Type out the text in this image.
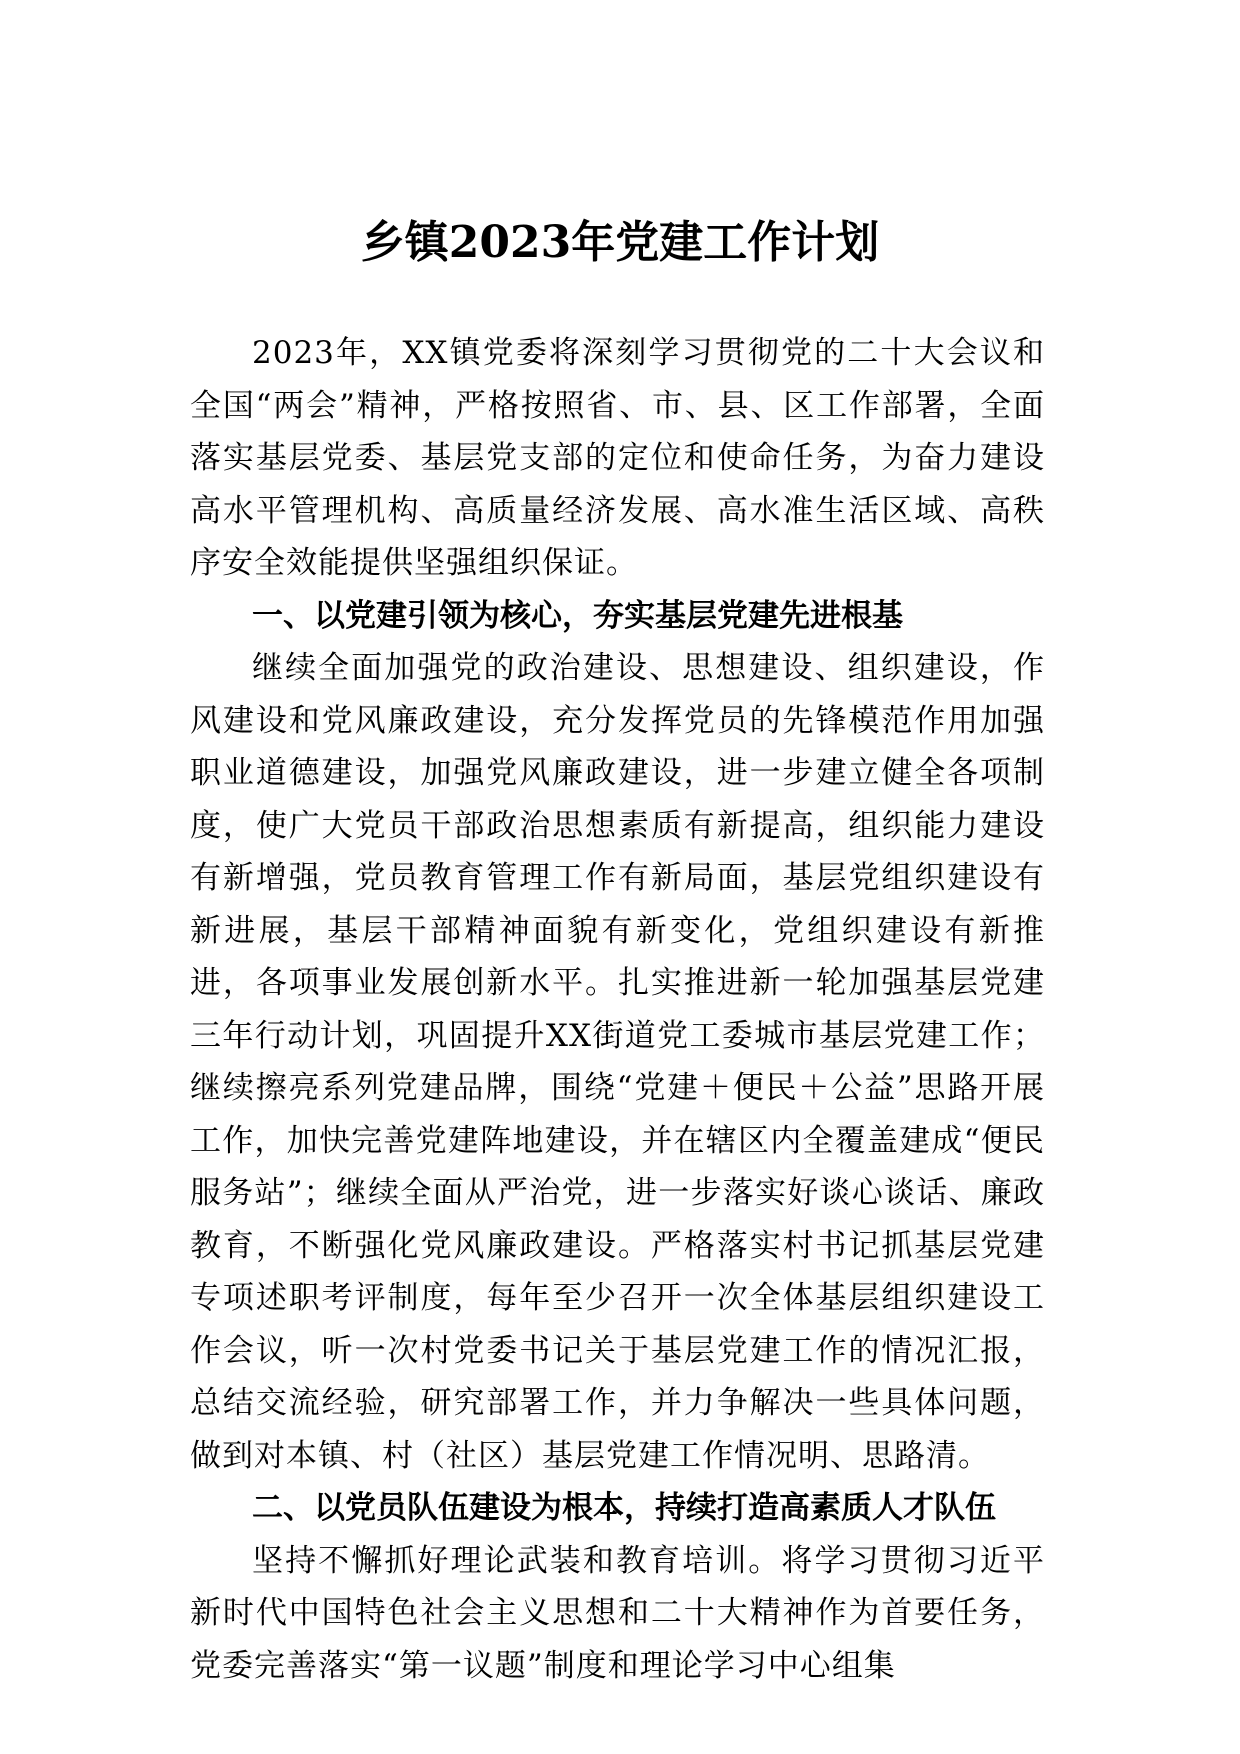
乡镇2023年党建工作计划

2023年，XX镇党委将深刻学习贯彻党的二十大会议和全国“两会”精神，严格按照省、市、县、区工作部署，全面落实基层党委、基层党支部的定位和使命任务，为奋力建设高水平管理机构、高质量经济发展、高水准生活区域、高秩序安全效能提供坚强组织保证。

一、以党建引领为核心，夯实基层党建先进根基

继续全面加强党的政治建设、思想建设、组织建设，作风建设和党风廉政建设，充分发挥党员的先锋模范作用加强职业道德建设，加强党风廉政建设，进一步建立健全各项制度，使广大党员干部政治思想素质有新提高，组织能力建设有新增强，党员教育管理工作有新局面，基层党组织建设有新进展，基层干部精神面貌有新变化，党组织建设有新推进，各项事业发展创新水平。扎实推进新一轮加强基层党建三年行动计划，巩固提升XX街道党工委城市基层党建工作；继续擦亮系列党建品牌，围绕“党建＋便民＋公益”思路开展工作，加快完善党建阵地建设，并在辖区内全覆盖建成“便民服务站”；继续全面从严治党，进一步落实好谈心谈话、廉政教育，不断强化党风廉政建设。严格落实村书记抓基层党建专项述职考评制度，每年至少召开一次全体基层组织建设工作会议，听一次村党委书记关于基层党建工作的情况汇报，总结交流经验，研究部署工作，并力争解决一些具体问题，做到对本镇、村（社区）基层党建工作情况明、思路清。

二、以党员队伍建设为根本，持续打造高素质人才队伍

坚持不懈抓好理论武装和教育培训。将学习贯彻习近平新时代中国特色社会主义思想和二十大精神作为首要任务，党委完善落实“第一议题”制度和理论学习中心组集
